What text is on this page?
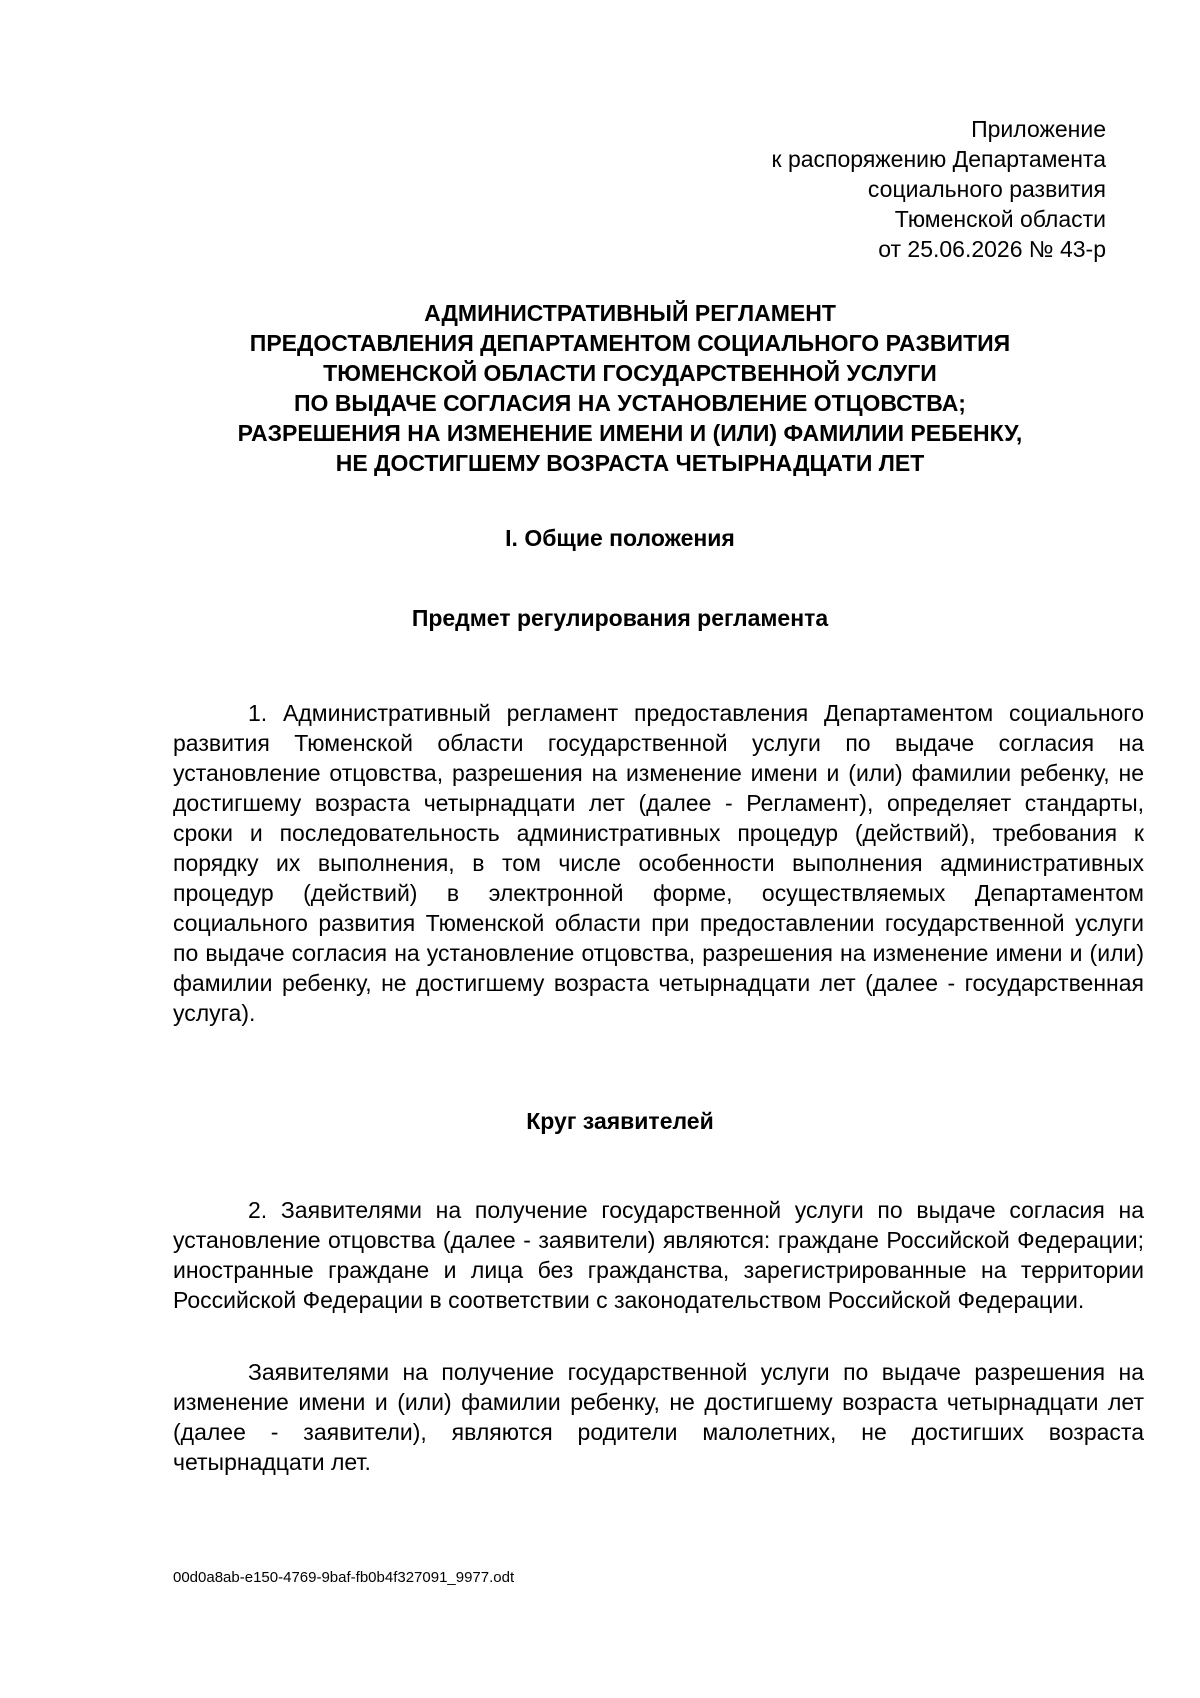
Приложение
к распоряжению Департамента
социального развития
Тюменской области
от 25.06.2026 № 43-р
АДМИНИСТРАТИВНЫЙ РЕГЛАМЕНТ
ПРЕДОСТАВЛЕНИЯ ДЕПАРТАМЕНТОМ СОЦИАЛЬНОГО РАЗВИТИЯ
ТЮМЕНСКОЙ ОБЛАСТИ ГОСУДАРСТВЕННОЙ УСЛУГИ
ПО ВЫДАЧЕ СОГЛАСИЯ НА УСТАНОВЛЕНИЕ ОТЦОВСТВА;
РАЗРЕШЕНИЯ НА ИЗМЕНЕНИЕ ИМЕНИ И (ИЛИ) ФАМИЛИИ РЕБЕНКУ,
НЕ ДОСТИГШЕМУ ВОЗРАСТА ЧЕТЫРНАДЦАТИ ЛЕТ
I. Общие положения
Предмет регулирования регламента

1. Административный регламент предоставления Департаментом социального развития Тюменской области государственной услуги по выдаче согласия на установление отцовства, разрешения на изменение имени и (или) фамилии ребенку, не достигшему возраста четырнадцати лет (далее - Регламент), определяет стандарты, сроки и последовательность административных процедур (действий), требования к порядку их выполнения, в том числе особенности выполнения административных процедур (действий) в электронной форме, осуществляемых Департаментом социального развития Тюменской области при предоставлении государственной услуги по выдаче согласия на установление отцовства, разрешения на изменение имени и (или) фамилии ребенку, не достигшему возраста четырнадцати лет (далее - государственная услуга).

Круг заявителей

2. Заявителями на получение государственной услуги по выдаче согласия на установление отцовства (далее - заявители) являются: граждане Российской Федерации; иностранные граждане и лица без гражданства, зарегистрированные на территории Российской Федерации в соответствии с законодательством Российской Федерации.

Заявителями на получение государственной услуги по выдаче разрешения на изменение имени и (или) фамилии ребенку, не достигшему возраста четырнадцати лет (далее - заявители), являются родители малолетних, не достигших возраста четырнадцати лет.

00d0a8ab-e150-4769-9baf-fb0b4f327091_9977.odt
